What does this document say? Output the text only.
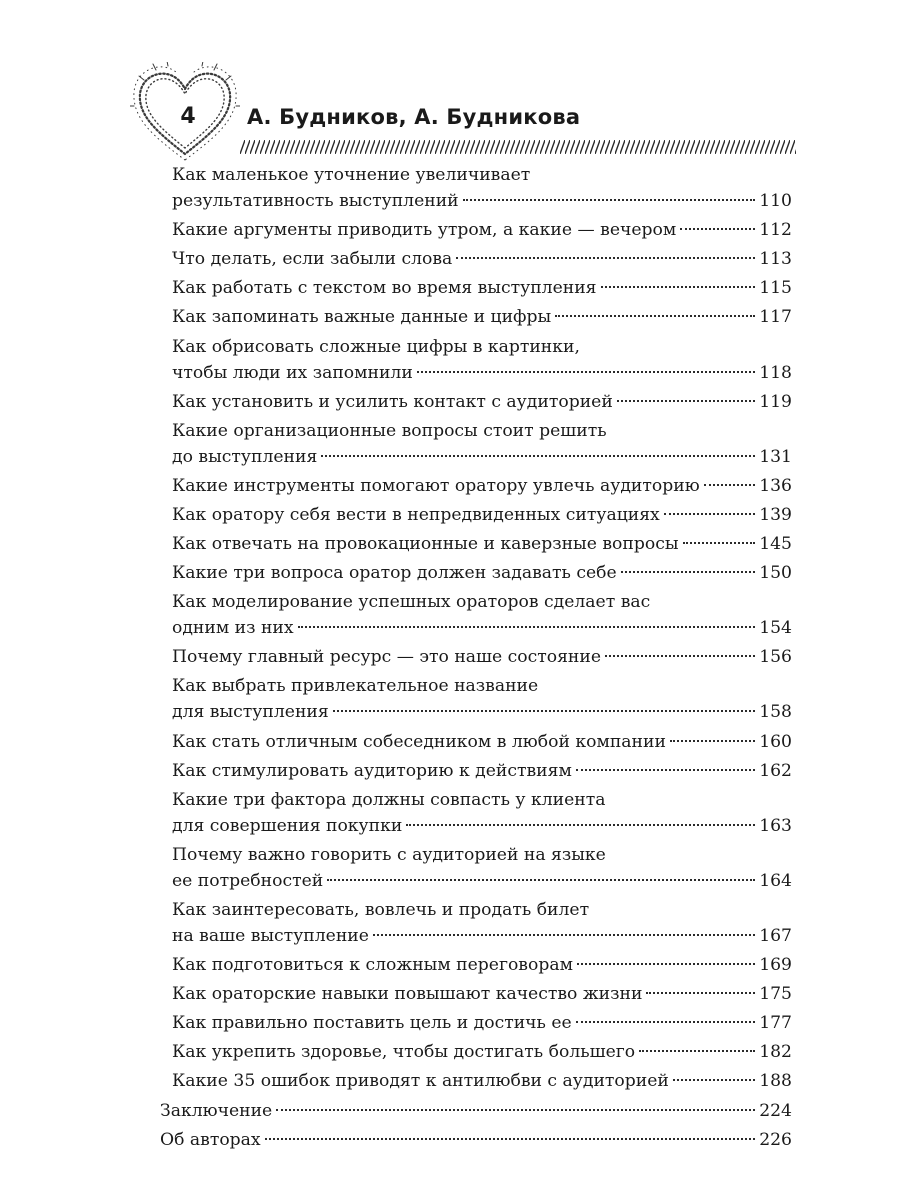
4	А. Будников, А. Будникова
Как маленькое уточнение увеличивает
результативность выступлений	110
Какие аргументы приводить утром, а какие — вечером	112
Что делать, если забыли слова	113
Как работать с текстом во время выступления	115
Как запоминать важные данные и цифры	117
Как обрисовать сложные цифры в картинки,
чтобы люди их запомнили	118
Как установить и усилить контакт с аудиторией	119
Какие организационные вопросы стоит решить
до выступления	131
Какие инструменты помогают оратору увлечь аудиторию	136
Как оратору себя вести в непредвиденных ситуациях	139
Как отвечать на провокационные и каверзные вопросы	145
Какие три вопроса оратор должен задавать себе	150
Как моделирование успешных ораторов сделает вас
одним из них	154
Почему главный ресурс — это наше состояние	156
Как выбрать привлекательное название
для выступления	158
Как стать отличным собеседником в любой компании	160
Как стимулировать аудиторию к действиям	162
Какие три фактора должны совпасть у клиента
для совершения покупки	163
Почему важно говорить с аудиторией на языке
ее потребностей	164
Как заинтересовать, вовлечь и продать билет
на ваше выступление	167
Как подготовиться к сложным переговорам	169
Как ораторские навыки повышают качество жизни	175
Как правильно поставить цель и достичь ее	177
Как укрепить здоровье, чтобы достигать большего	182
Какие 35 ошибок приводят к антилюбви с аудиторией	188
Заключение	224
Об авторах	226
